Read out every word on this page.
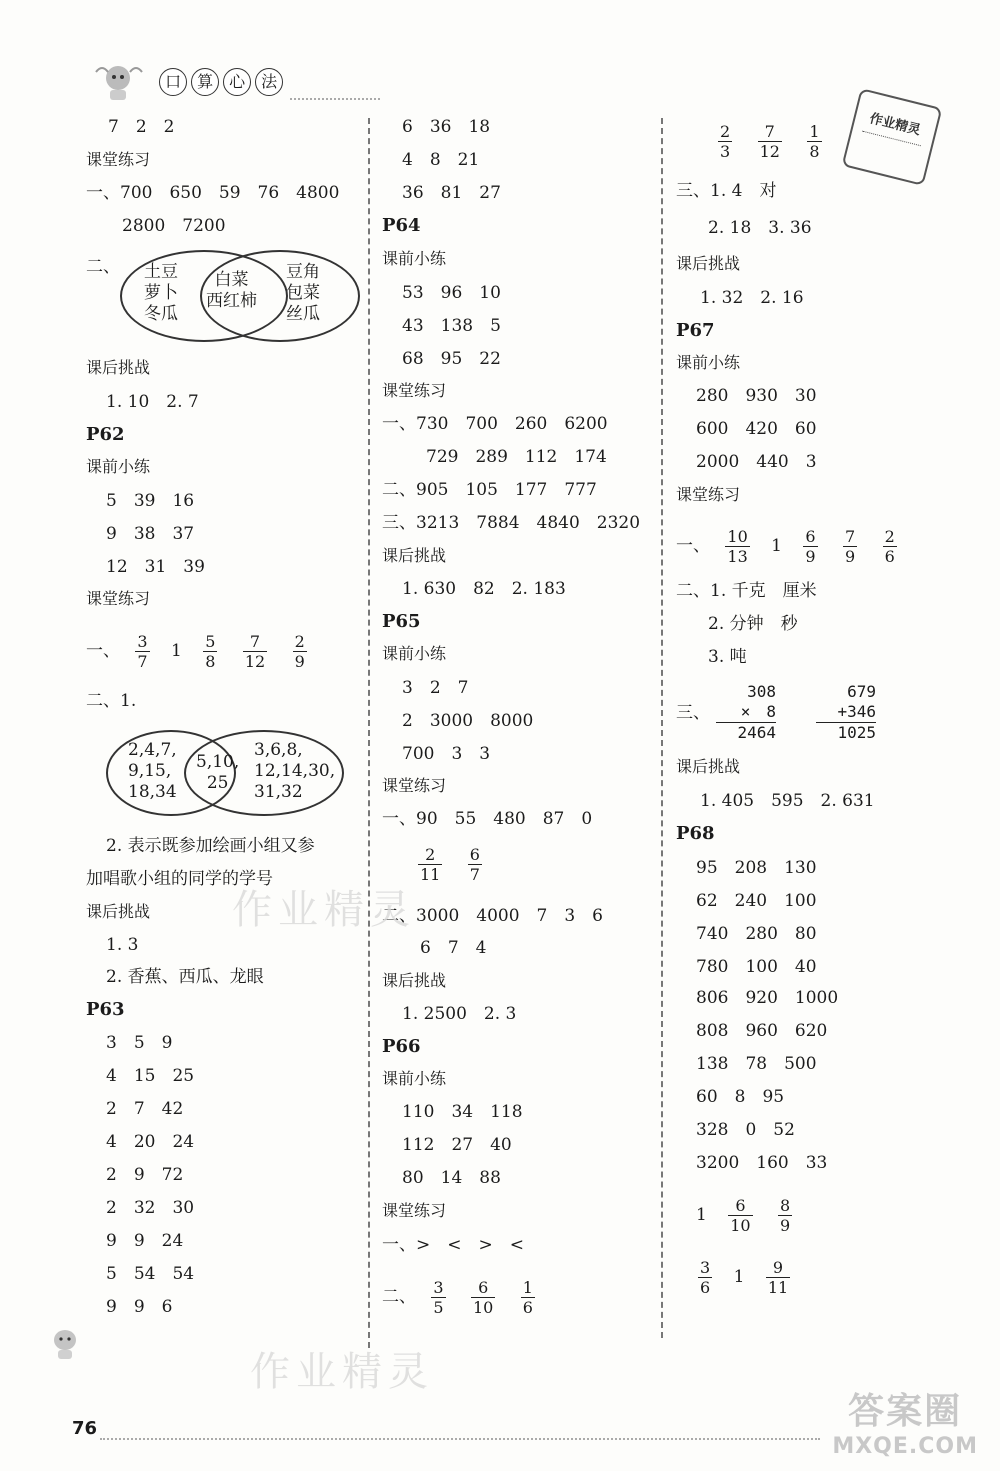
口 算 心 法
作业精灵
7　2　2
课堂练习
一、700　650　59　76　4800
2800　7200
二、 土豆
萝卜
冬瓜
白菜
西红柿
豆角
包菜
丝瓜
课后挑战
1. 10　2. 7
P62
课前小练
5　39　16
9　38　37
12　31　39
课堂练习
一、 $\frac{3}{7} 1 \frac{5}{8}$
$\frac{7}{12}$
$\frac{2}{9}$
二、1.
2,4,7,
9,15,
18,34
5,10,
25
3,6,8,
12,14,30,
31,32
2. 表示既参加绘画小组又参
加唱歌小组的同学的学号
课后挑战
1. 3
2. 香蕉、西瓜、龙眼
P63
3　5　9
4　15　25
2　7　42
4　20　24
2　9　72
2　32　30
9　9　24
5　54　54
9　9　6
6　36　18
4　8　21
36　81　27
P64
课前小练
53　96　10
43　138　5
68　95　22
课堂练习
一、730　700　260　6200
729　289　112　174
二、905　105　177　777
三、3213　7884　4840　2320
课后挑战
1. 630　82　2. 183
P65
课前小练
3　2　7
2　3000　8000
700　3　3
课堂练习
一、90　55　480　87　0
$\frac{2}{11}$
$\frac{6}{7}$
二、3000　4000　7　3　6
6　7　4
课后挑战
1. 2500　2. 3
P66
课前小练
110　34　118
112　27　40
80　14　88
课堂练习
一、>　<　>　<
二、 $\frac{3}{5}$
$\frac{6}{10}$
$\frac{1}{6}$
$\frac{2}{3}$
$\frac{7}{12}$
$\frac{1}{8}$
三、1. 4　对
2. 18　3. 36
课后挑战
1. 32　2. 16
P67
课前小练
280　930　30
600　420　60
2000　440　3
课堂练习
一、 $\frac{10}{13} 1 \frac{6}{9}$
$\frac{7}{9}$
$\frac{2}{6}$
二、1. 千克　厘米
2. 分钟　秒
3. 吨
三、
308
×　8
2464
679
+346
1025
课后挑战
1. 405　595　2. 631
P68
95　208　130
62　240　100
740　280　80
780　100　40
806　920　1000
808　960　620
138　78　500
60　8　95
328　0　52
3200　160　33
$1 \frac{6}{10}$
$\frac{8}{9}$
$\frac{3}{6} 1 \frac{9}{11}$
作业精灵
作业精灵
76	答案圈
MXQE.COM
